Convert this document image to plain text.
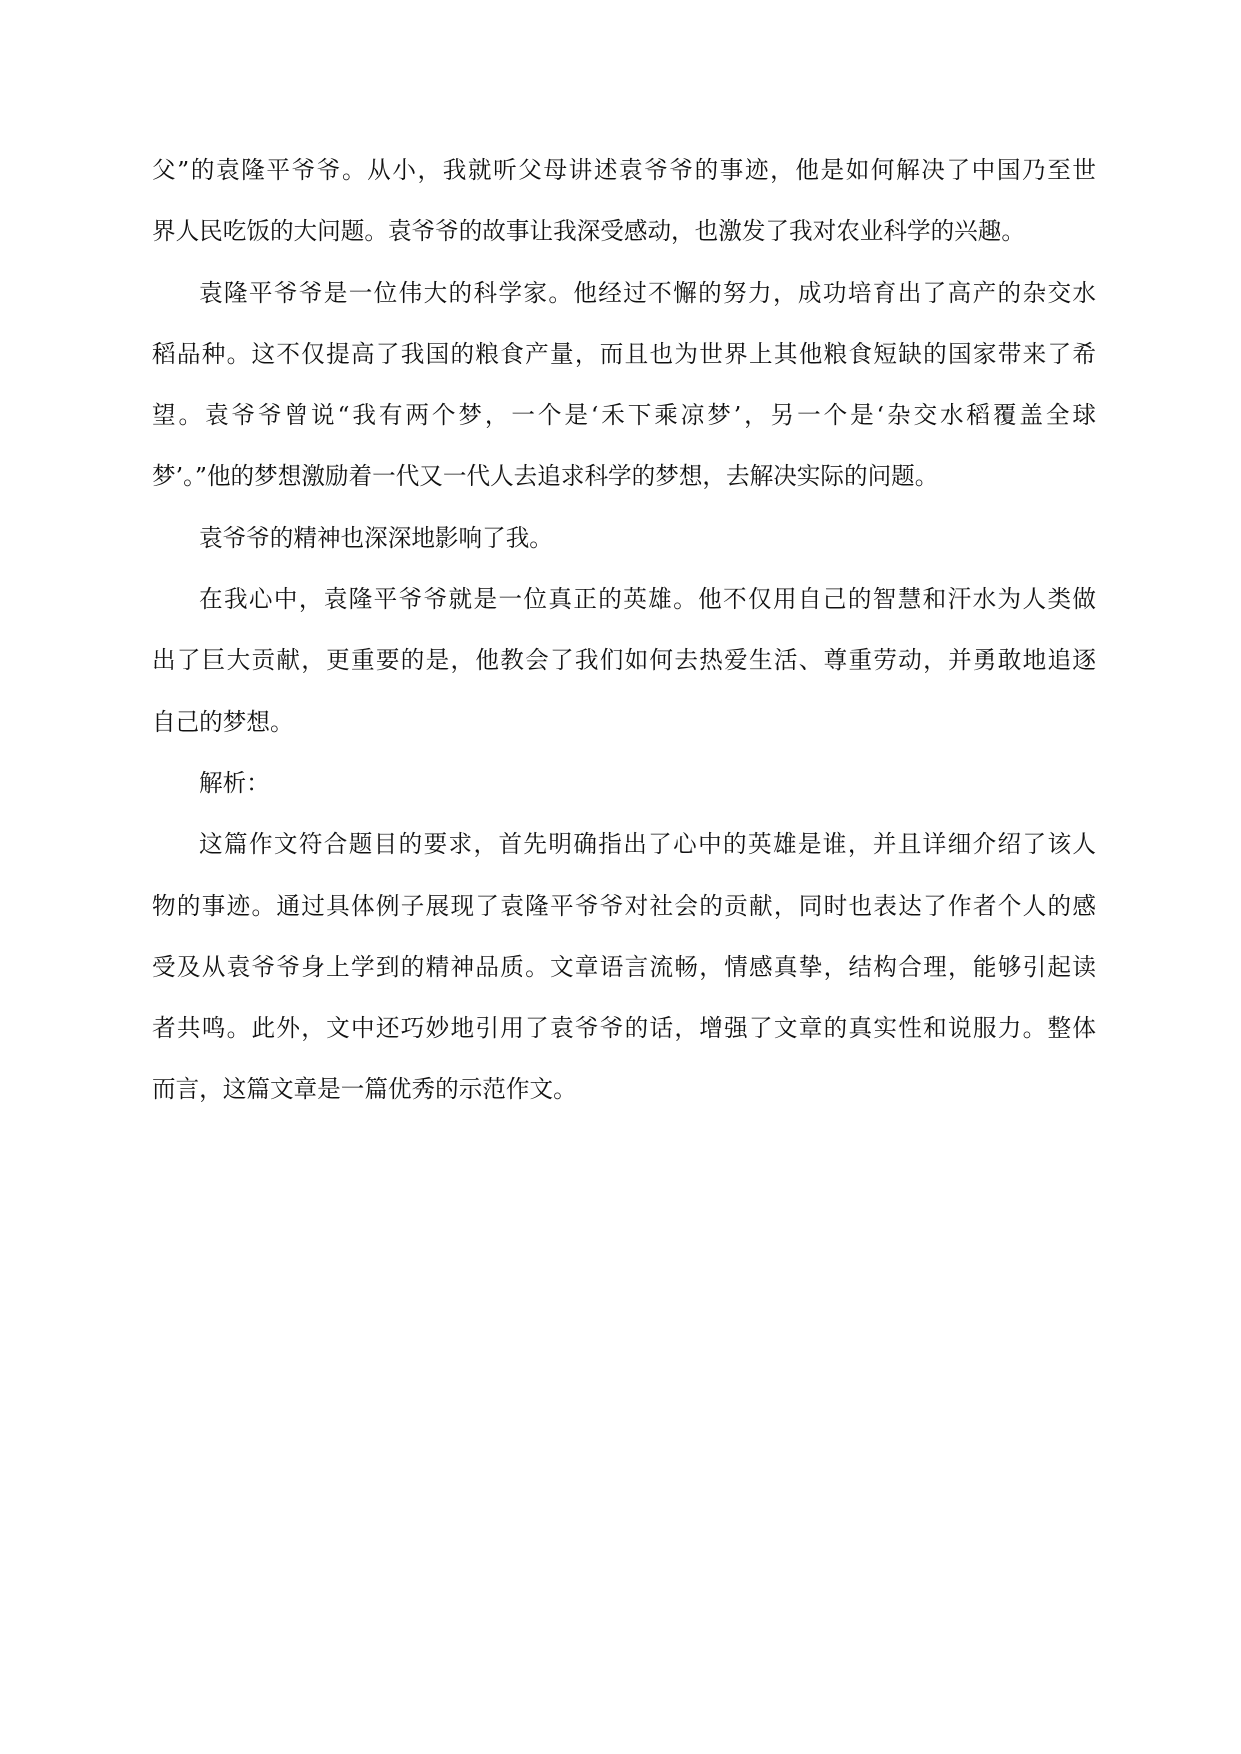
父”的袁隆平爷爷。从小，我就听父母讲述袁爷爷的事迹，他是如何解决了中国乃至世
界人民吃饭的大问题。袁爷爷的故事让我深受感动，也激发了我对农业科学的兴趣。
袁隆平爷爷是一位伟大的科学家。他经过不懈的努力，成功培育出了高产的杂交水
稻品种。这不仅提高了我国的粮食产量，而且也为世界上其他粮食短缺的国家带来了希
望。袁爷爷曾说“我有两个梦，一个是‘禾下乘凉梦’，另一个是‘杂交水稻覆盖全球
梦’。”他的梦想激励着一代又一代人去追求科学的梦想，去解决实际的问题。
袁爷爷的精神也深深地影响了我。
在我心中，袁隆平爷爷就是一位真正的英雄。他不仅用自己的智慧和汗水为人类做
出了巨大贡献，更重要的是，他教会了我们如何去热爱生活、尊重劳动，并勇敢地追逐
自己的梦想。
解析：
这篇作文符合题目的要求，首先明确指出了心中的英雄是谁，并且详细介绍了该人
物的事迹。通过具体例子展现了袁隆平爷爷对社会的贡献，同时也表达了作者个人的感
受及从袁爷爷身上学到的精神品质。文章语言流畅，情感真挚，结构合理，能够引起读
者共鸣。此外，文中还巧妙地引用了袁爷爷的话，增强了文章的真实性和说服力。整体
而言，这篇文章是一篇优秀的示范作文。
